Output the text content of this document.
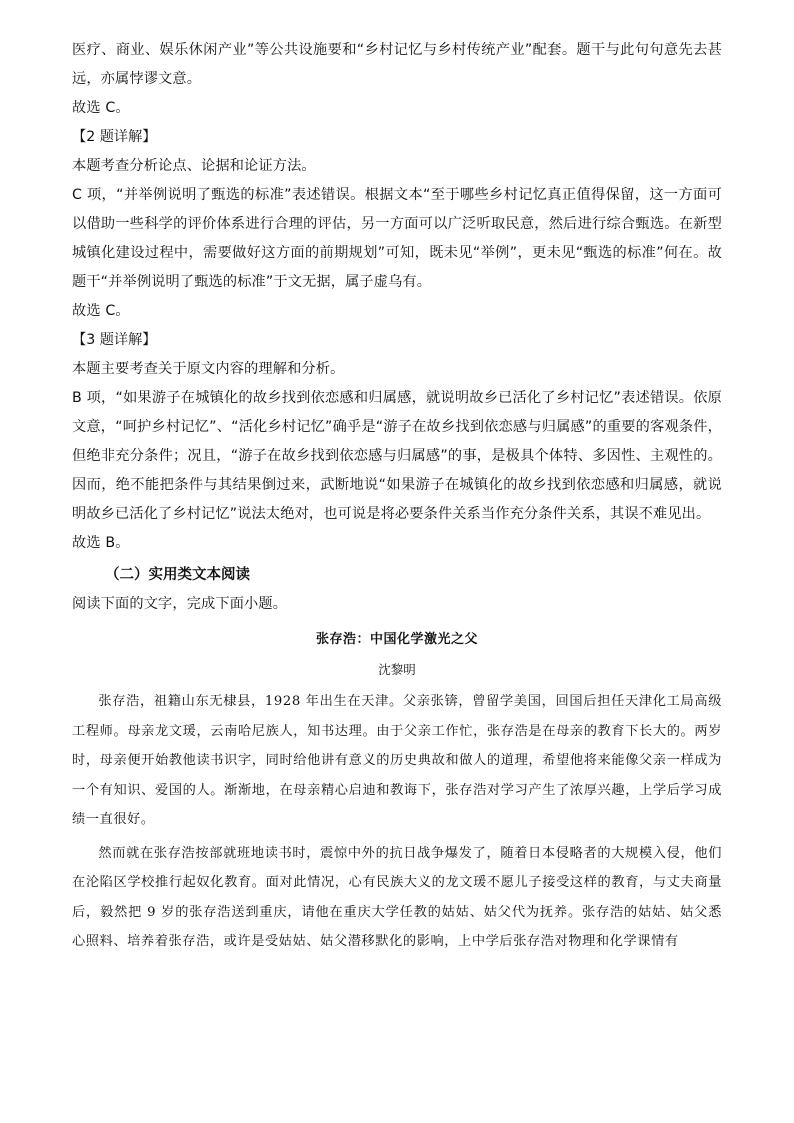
医疗、商业、娱乐休闲产业”等公共设施要和“乡村记忆与乡村传统产业”配套。题干与此句句意先去甚远，亦属悖谬文意。

故选 C。

【2 题详解】

本题考查分析论点、论据和论证方法。

C 项，“并举例说明了甄选的标准”表述错误。根据文本“至于哪些乡村记忆真正值得保留，这一方面可以借助一些科学的评价体系进行合理的评估，另一方面可以广泛听取民意，然后进行综合甄选。在新型城镇化建设过程中，需要做好这方面的前期规划”可知，既未见“举例”，更未见“甄选的标准”何在。故题干“并举例说明了甄选的标准”于文无据，属子虚乌有。

故选 C。

【3 题详解】

本题主要考查关于原文内容的理解和分析。

B 项，“如果游子在城镇化的故乡找到依恋感和归属感，就说明故乡已活化了乡村记忆”表述错误。依原文意，“呵护乡村记忆”、“活化乡村记忆”确乎是“游子在故乡找到依恋感与归属感”的重要的客观条件，但绝非充分条件；况且，“游子在故乡找到依恋感与归属感”的事，是极具个体特、多因性、主观性的。因而，绝不能把条件与其结果倒过来，武断地说“如果游子在城镇化的故乡找到依恋感和归属感，就说明故乡已活化了乡村记忆”说法太绝对，也可说是将必要条件关系当作充分条件关系，其误不难见出。

故选 B。

（二）实用类文本阅读

阅读下面的文字，完成下面小题。

张存浩：中国化学激光之父

沈黎明

张存浩，祖籍山东无棣县，1928 年出生在天津。父亲张锛，曾留学美国，回国后担任天津化工局高级工程师。母亲龙文瑗，云南哈尼族人，知书达理。由于父亲工作忙，张存浩是在母亲的教育下长大的。两岁时，母亲便开始教他读书识字，同时给他讲有意义的历史典故和做人的道理，希望他将来能像父亲一样成为一个有知识、爱国的人。渐渐地，在母亲精心启迪和教诲下，张存浩对学习产生了浓厚兴趣，上学后学习成绩一直很好。

然而就在张存浩按部就班地读书时，震惊中外的抗日战争爆发了，随着日本侵略者的大规模入侵，他们在沦陷区学校推行起奴化教育。面对此情况，心有民族大义的龙文瑗不愿儿子接受这样的教育，与丈夫商量后，毅然把 9 岁的张存浩送到重庆，请他在重庆大学任教的姑姑、姑父代为抚养。张存浩的姑姑、姑父悉心照料、培养着张存浩，或许是受姑姑、姑父潜移默化的影响，上中学后张存浩对物理和化学课情有
